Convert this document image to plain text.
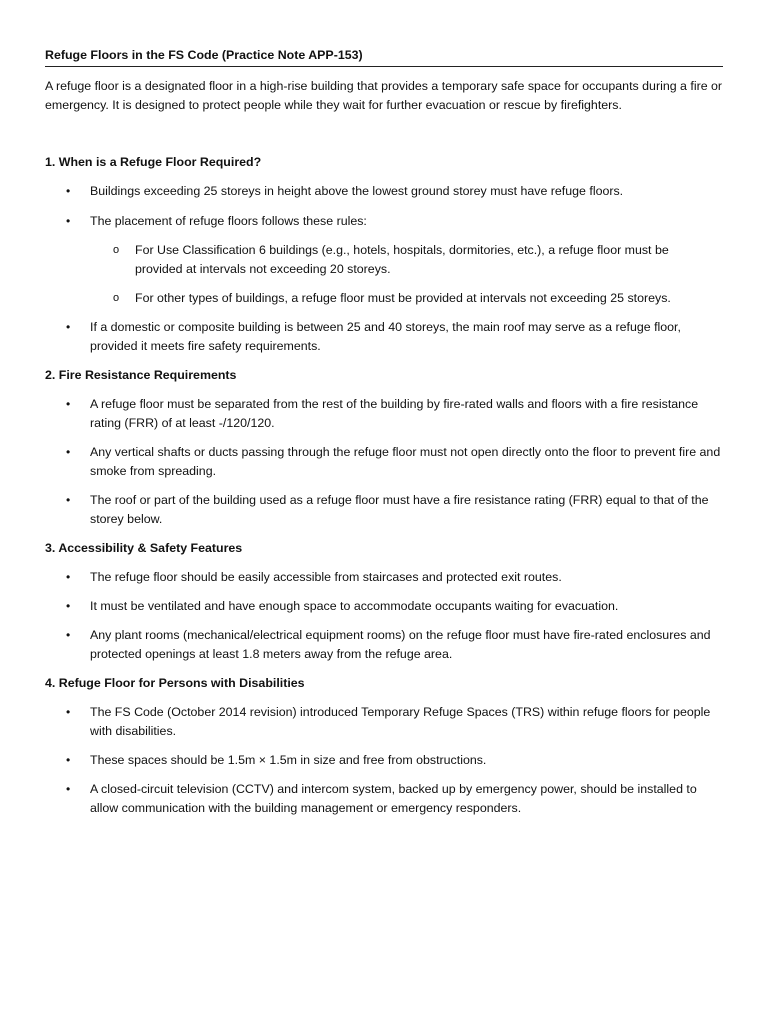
Refuge Floors in the FS Code (Practice Note APP-153)
A refuge floor is a designated floor in a high-rise building that provides a temporary safe space for occupants during a fire or emergency. It is designed to protect people while they wait for further evacuation or rescue by firefighters.
1. When is a Refuge Floor Required?
• Buildings exceeding 25 storeys in height above the lowest ground storey must have refuge floors.
• The placement of refuge floors follows these rules:
o For Use Classification 6 buildings (e.g., hotels, hospitals, dormitories, etc.), a refuge floor must be provided at intervals not exceeding 20 storeys.
o For other types of buildings, a refuge floor must be provided at intervals not exceeding 25 storeys.
• If a domestic or composite building is between 25 and 40 storeys, the main roof may serve as a refuge floor, provided it meets fire safety requirements.
2. Fire Resistance Requirements
• A refuge floor must be separated from the rest of the building by fire-rated walls and floors with a fire resistance rating (FRR) of at least -/120/120.
• Any vertical shafts or ducts passing through the refuge floor must not open directly onto the floor to prevent fire and smoke from spreading.
• The roof or part of the building used as a refuge floor must have a fire resistance rating (FRR) equal to that of the storey below.
3. Accessibility & Safety Features
• The refuge floor should be easily accessible from staircases and protected exit routes.
• It must be ventilated and have enough space to accommodate occupants waiting for evacuation.
• Any plant rooms (mechanical/electrical equipment rooms) on the refuge floor must have fire-rated enclosures and protected openings at least 1.8 meters away from the refuge area.
4. Refuge Floor for Persons with Disabilities
• The FS Code (October 2014 revision) introduced Temporary Refuge Spaces (TRS) within refuge floors for people with disabilities.
• These spaces should be 1.5m × 1.5m in size and free from obstructions.
• A closed-circuit television (CCTV) and intercom system, backed up by emergency power, should be installed to allow communication with the building management or emergency responders.
